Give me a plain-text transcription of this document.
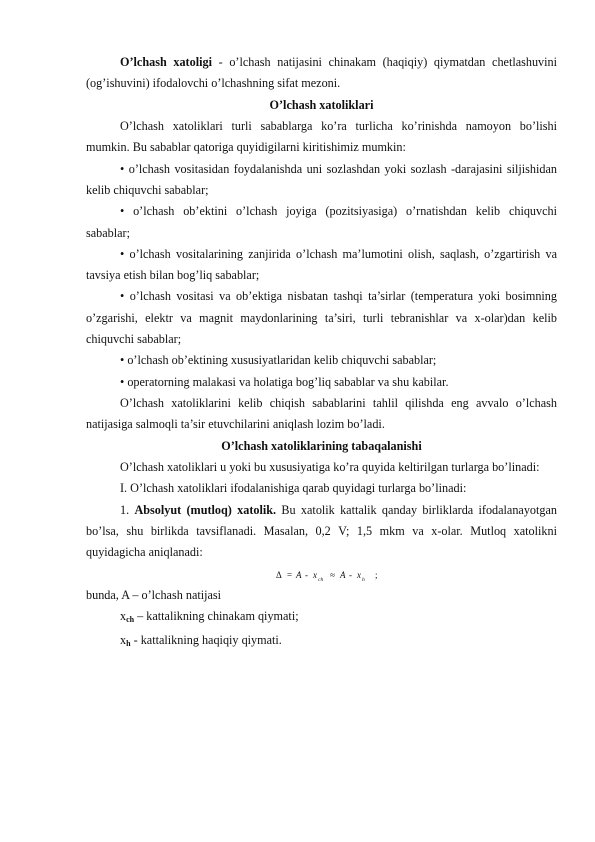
O’lchash xatoligi - o’lchash natijasini chinakam (haqiqiy) qiymatdan chetlashuvini (og’ishuvini) ifodalovchi o’lchashning sifat mezoni.

O’lchash xatoliklari

O’lchash xatoliklari turli sabablarga ko’ra turlicha ko’rinishda namoyon bo’lishi mumkin. Bu sabablar qatoriga quyidigilarni kiritishimiz mumkin:

• o’lchash vositasidan foydalanishda uni sozlashdan yoki sozlash -darajasini siljishidan kelib chiquvchi sabablar;

• o’lchash ob’ektini o’lchash joyiga (pozitsiyasiga) o’rnatishdan kelib chiquvchi sabablar;

• o’lchash vositalarining zanjirida o’lchash ma’lumotini olish, saqlash, o’zgartirish va tavsiya etish bilan bog’liq sabablar;

• o’lchash vositasi va ob’ektiga nisbatan tashqi ta’sirlar (temperatura yoki bosimning o’zgarishi, elektr va magnit maydonlarining ta’siri, turli tebranishlar va x-olar)dan kelib chiquvchi sabablar;

• o’lchash ob’ektining xususiyatlaridan kelib chiquvchi sabablar;

• operatorning malakasi va holatiga bog’liq sabablar va shu kabilar.

O’lchash xatoliklarini kelib chiqish sabablarini tahlil qilishda eng avvalo o’lchash natijasiga salmoqli ta’sir etuvchilarini aniqlash lozim bo’ladi.

O’lchash xatoliklarining tabaqalanishi

O’lchash xatoliklari u yoki bu xususiyatiga ko’ra quyida keltirilgan turlarga bo’linadi:

I. O’lchash xatoliklari ifodalanishiga qarab quyidagi turlarga bo’linadi:

1. Absolyut (mutloq) xatolik. Bu xatolik kattalik qanday birliklarda ifodalanayotgan bo’lsa, shu birlikda tavsiflanadi. Masalan, 0,2 V; 1,5 mkm va x-olar. Mutloq xatolikni quyidagicha aniqlanadi:

Δ = A - x ch ≈ A - x h ;

bunda, A – o’lchash natijasi

$x_{ch}$ – kattalikning chinakam qiymati;

$x_h$ - kattalikning haqiqiy qiymati.
